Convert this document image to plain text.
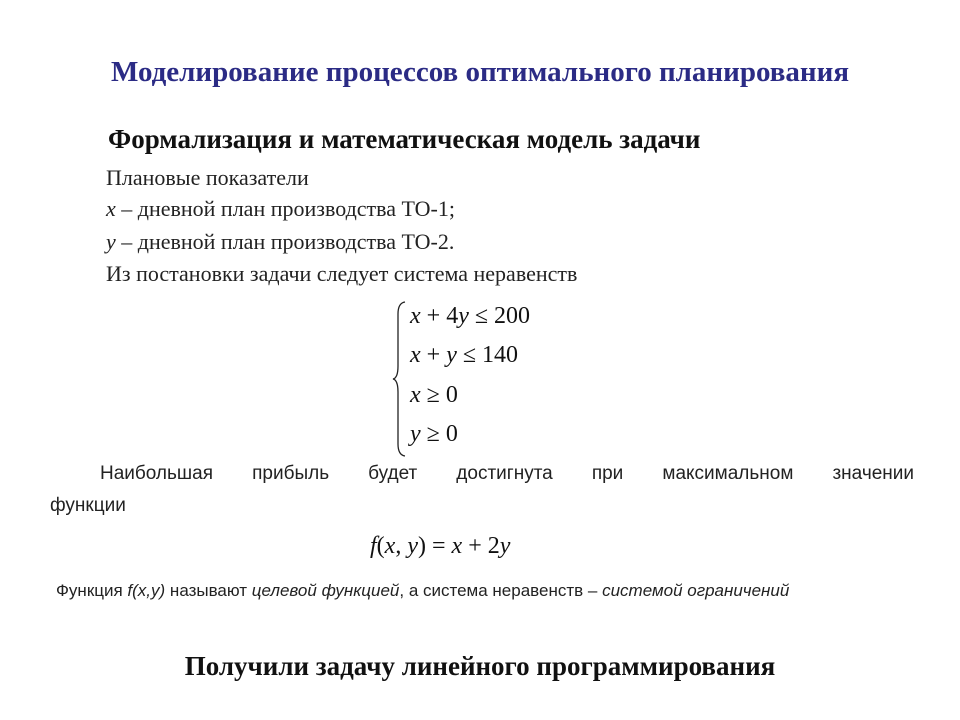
Моделирование процессов оптимального планирования
Формализация и математическая модель задачи
Плановые показатели
x – дневной план производства ТО-1;
y – дневной план производства ТО-2.
Из постановки задачи следует система неравенств
x + 4y ≤ 200
x + y ≤ 140
x ≥ 0
y ≥ 0
Наибольшая прибыль будет достигнута при максимальном значении
функции
f(x, y) = x + 2y
Функция f(x,y) называют целевой функцией, а система неравенств – системой ограничений
Получили задачу линейного программирования
